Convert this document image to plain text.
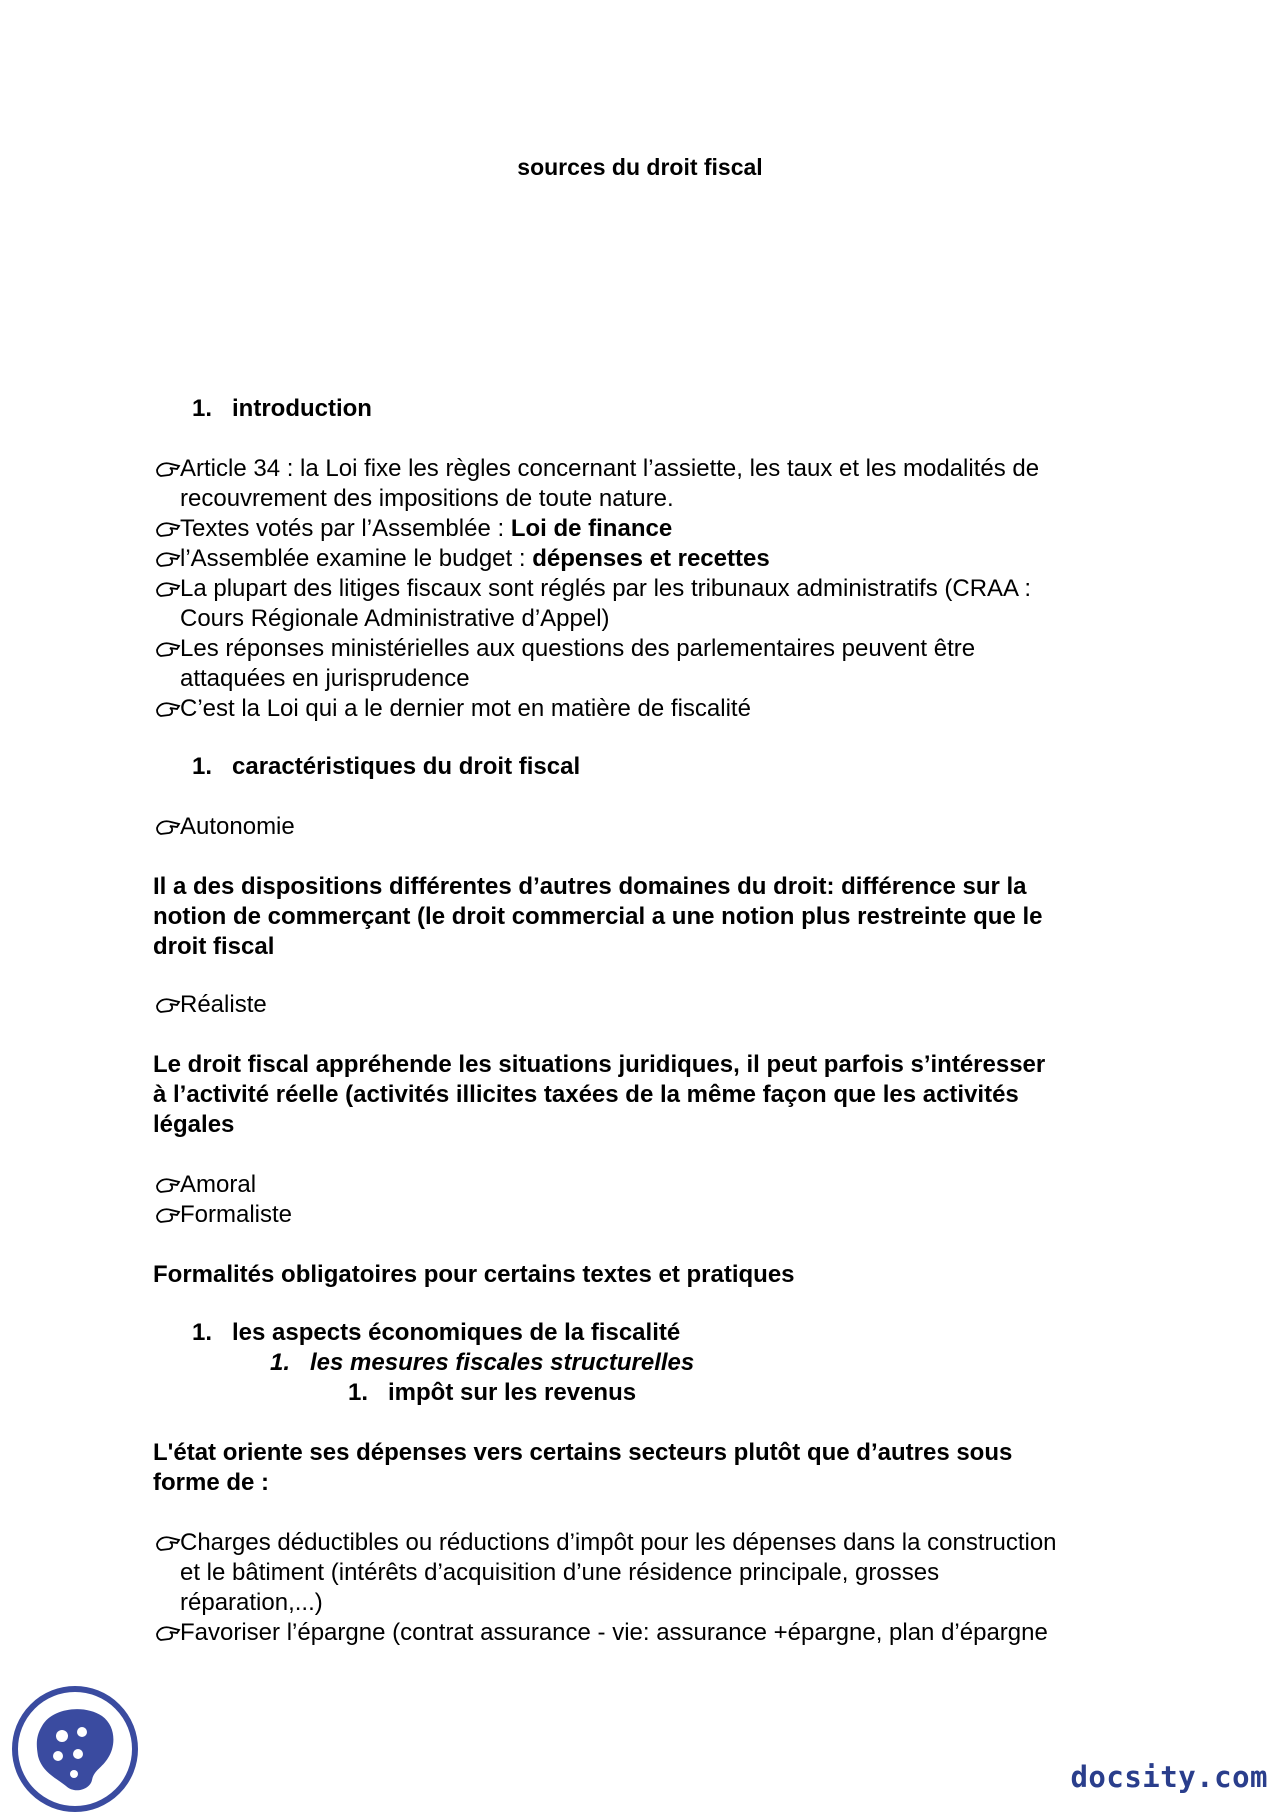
sources du droit fiscal
1. introduction
Article 34 : la Loi fixe les règles concernant l’assiette, les taux et les modalités de
recouvrement des impositions de toute nature.
Textes votés par l’Assemblée : Loi de finance
l’Assemblée examine le budget : dépenses et recettes
La plupart des litiges fiscaux sont réglés par les tribunaux administratifs (CRAA :
Cours Régionale Administrative d’Appel)
Les réponses ministérielles aux questions des parlementaires peuvent être
attaquées en jurisprudence
C’est la Loi qui a le dernier mot en matière de fiscalité
1. caractéristiques du droit fiscal
Autonomie
Il a des dispositions différentes d’autres domaines du droit: différence sur la
notion de commerçant (le droit commercial a une notion plus restreinte que le
droit fiscal
Réaliste
Le droit fiscal appréhende les situations juridiques, il peut parfois s’intéresser
à l’activité réelle (activités illicites taxées de la même façon que les activités
légales
Amoral
Formaliste
Formalités obligatoires pour certains textes et pratiques
1. les aspects économiques de la fiscalité
1. les mesures fiscales structurelles
1. impôt sur les revenus
L'état oriente ses dépenses vers certains secteurs plutôt que d’autres sous
forme de :
Charges déductibles ou réductions d’impôt pour les dépenses dans la construction
et le bâtiment (intérêts d’acquisition d’une résidence principale, grosses
réparation,...)
Favoriser l’épargne (contrat assurance - vie: assurance +épargne, plan d’épargne
docsity.com
